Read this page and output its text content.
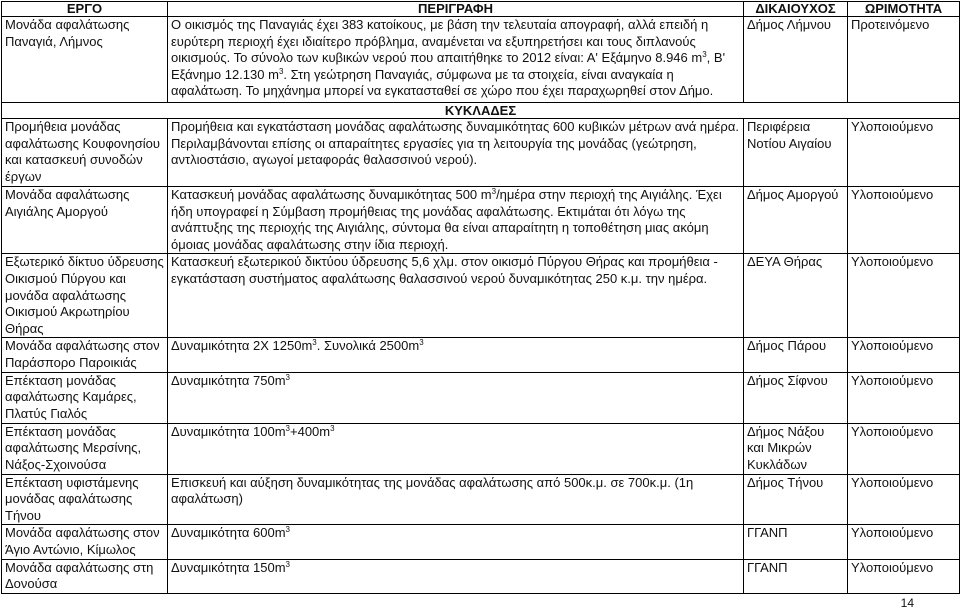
ΕΡΓΟ	ΠΕΡΙΓΡΑΦΗ	ΔΙΚΑΙΟΥΧΟΣ	ΩΡΙΜΟΤΗΤΑ
Μονάδα αφαλάτωσης Παναγιά, Λήμνος	Ο οικισμός της Παναγιάς έχει 383 κατοίκους, με βάση την τελευταία απογραφή, αλλά επειδή η ευρύτερη περιοχή έχει ιδιαίτερο πρόβλημα, αναμένεται να εξυπηρετήσει και τους διπλανούς οικισμούς. Το σύνολο των κυβικών νερού που απαιτήθηκε το 2012 είναι: Α' Εξάμηνο 8.946 $m^3$, Β' Εξάνημο 12.130 $m^3$. Στη γεώτρηση Παναγιάς, σύμφωνα με τα στοιχεία, είναι αναγκαία η αφαλάτωση. Το μηχάνημα μπορεί να εγκατασταθεί σε χώρο που έχει παραχωρηθεί στον Δήμο.	Δήμος Λήμνου	Προτεινόμενο
ΚΥΚΛΑΔΕΣ			
Προμήθεια μονάδας αφαλάτωσης Κουφονησίου και κατασκευή συνοδών έργων	Προμήθεια και εγκατάσταση μονάδας αφαλάτωσης δυναμικότητας 600 κυβικών μέτρων ανά ημέρα. Περιλαμβάνονται επίσης οι απαραίτητες εργασίες για τη λειτουργία της μονάδας (γεώτρηση, αντλιοστάσιο, αγωγοί μεταφοράς θαλασσινού νερού).	Περιφέρεια Νοτίου Αιγαίου	Υλοποιούμενο
Μονάδα αφαλάτωσης Αιγιάλης Αμοργού	Κατασκευή μονάδας αφαλάτωσης δυναμικότητας 500 $m^3$/ημέρα στην περιοχή της Αιγιάλης. Έχει ήδη υπογραφεί η Σύμβαση προμήθειας της μονάδας αφαλάτωσης. Εκτιμάται ότι λόγω της ανάπτυξης της περιοχής της Αιγιάλης, σύντομα θα είναι απαραίτητη η τοποθέτηση μιας ακόμη όμοιας μονάδας αφαλάτωσης στην ίδια περιοχή.	Δήμος Αμοργού	Υλοποιούμενο
Εξωτερικό δίκτυο ύδρευσης Οικισμού Πύργου και μονάδα αφαλάτωσης Οικισμού Ακρωτηρίου Θήρας	Κατασκευή εξωτερικού δικτύου ύδρευσης 5,6 χλμ. στον οικισμό Πύργου Θήρας και προμήθεια - εγκατάσταση συστήματος αφαλάτωσης θαλασσινού νερού δυναμικότητας 250 κ.μ. την ημέρα.	ΔΕΥΑ Θήρας	Υλοποιούμενο
Μονάδα αφαλάτωσης στον Παράσπορο Παροικιάς	Δυναμικότητα 2Χ $1250m^3$. Συνολικά $2500m^3$	Δήμος Πάρου	Υλοποιούμενο
Επέκταση μονάδας αφαλάτωσης Καμάρες, Πλατύς Γιαλός	Δυναμικότητα $750m^3$	Δήμος Σίφνου	Υλοποιούμενο
Επέκταση μονάδας αφαλάτωσης Μερσίνης, Νάξος-Σχοινούσα	Δυναμικότητα $100m^3+400m^3$	Δήμος Νάξου και Μικρών Κυκλάδων	Υλοποιούμενο
Επέκταση υφιστάμενης μονάδας αφαλάτωσης Τήνου	Επισκευή και αύξηση δυναμικότητας της μονάδας αφαλάτωσης από 500κ.μ. σε 700κ.μ. (1η αφαλάτωση)	Δήμος Τήνου	Υλοποιούμενο
Μονάδα αφαλάτωσης στον Άγιο Αντώνιο, Κίμωλος	Δυναμικότητα $600m^3$	ΓΓΑΝΠ	Υλοποιούμενο
Μονάδα αφαλάτωσης στη Δονούσα	Δυναμικότητα $150m^3$	ΓΓΑΝΠ	Υλοποιούμενο
14
